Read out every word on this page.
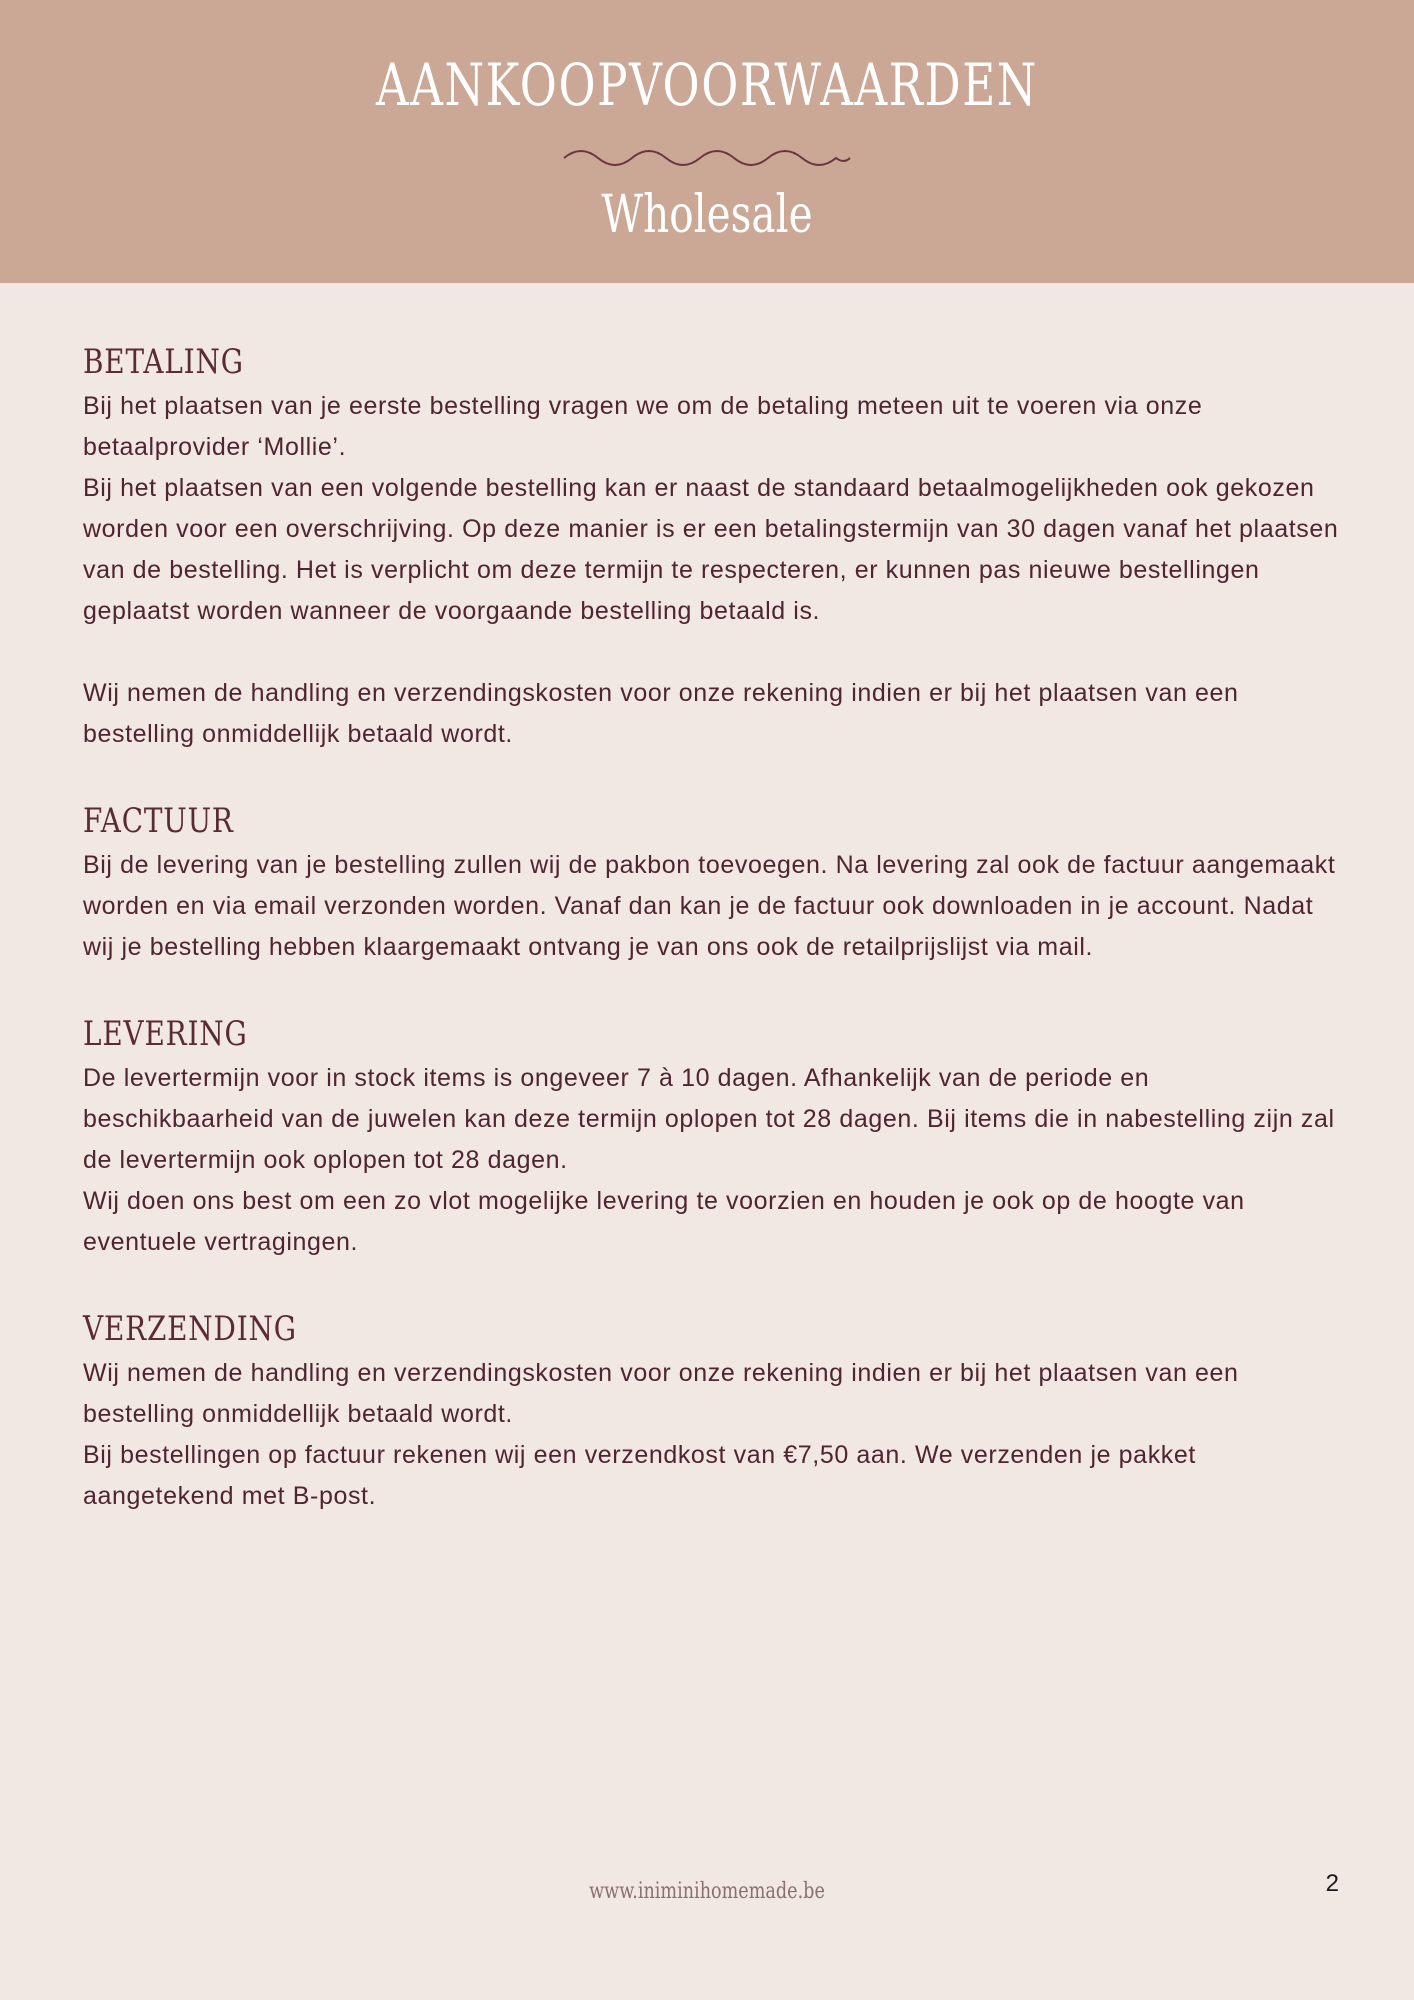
AANKOOPVOORWAARDEN
Wholesale
BETALING

Bij het plaatsen van je eerste bestelling vragen we om de betaling meteen uit te voeren via onze betaalprovider ‘Mollie’.

Bij het plaatsen van een volgende bestelling kan er naast de standaard betaalmogelijkheden ook gekozen worden voor een overschrijving. Op deze manier is er een betalingstermijn van 30 dagen vanaf het plaatsen van de bestelling. Het is verplicht om deze termijn te respecteren, er kunnen pas nieuwe bestellingen geplaatst worden wanneer de voorgaande bestelling betaald is.

Wij nemen de handling en verzendingskosten voor onze rekening indien er bij het plaatsen van een bestelling onmiddellijk betaald wordt.

FACTUUR

Bij de levering van je bestelling zullen wij de pakbon toevoegen. Na levering zal ook de factuur aangemaakt worden en via email verzonden worden. Vanaf dan kan je de factuur ook downloaden in je account. Nadat wij je bestelling hebben klaargemaakt ontvang je van ons ook de retailprijslijst via mail.

LEVERING

De levertermijn voor in stock items is ongeveer 7 à 10 dagen. Afhankelijk van de periode en beschikbaarheid van de juwelen kan deze termijn oplopen tot 28 dagen. Bij items die in nabestelling zijn zal de levertermijn ook oplopen tot 28 dagen.

Wij doen ons best om een zo vlot mogelijke levering te voorzien en houden je ook op de hoogte van eventuele vertragingen.

VERZENDING

Wij nemen de handling en verzendingskosten voor onze rekening indien er bij het plaatsen van een bestelling onmiddellijk betaald wordt.

Bij bestellingen op factuur rekenen wij een verzendkost van €7,50 aan. We verzenden je pakket aangetekend met B-post.

www.iniminihomemade.be	2
